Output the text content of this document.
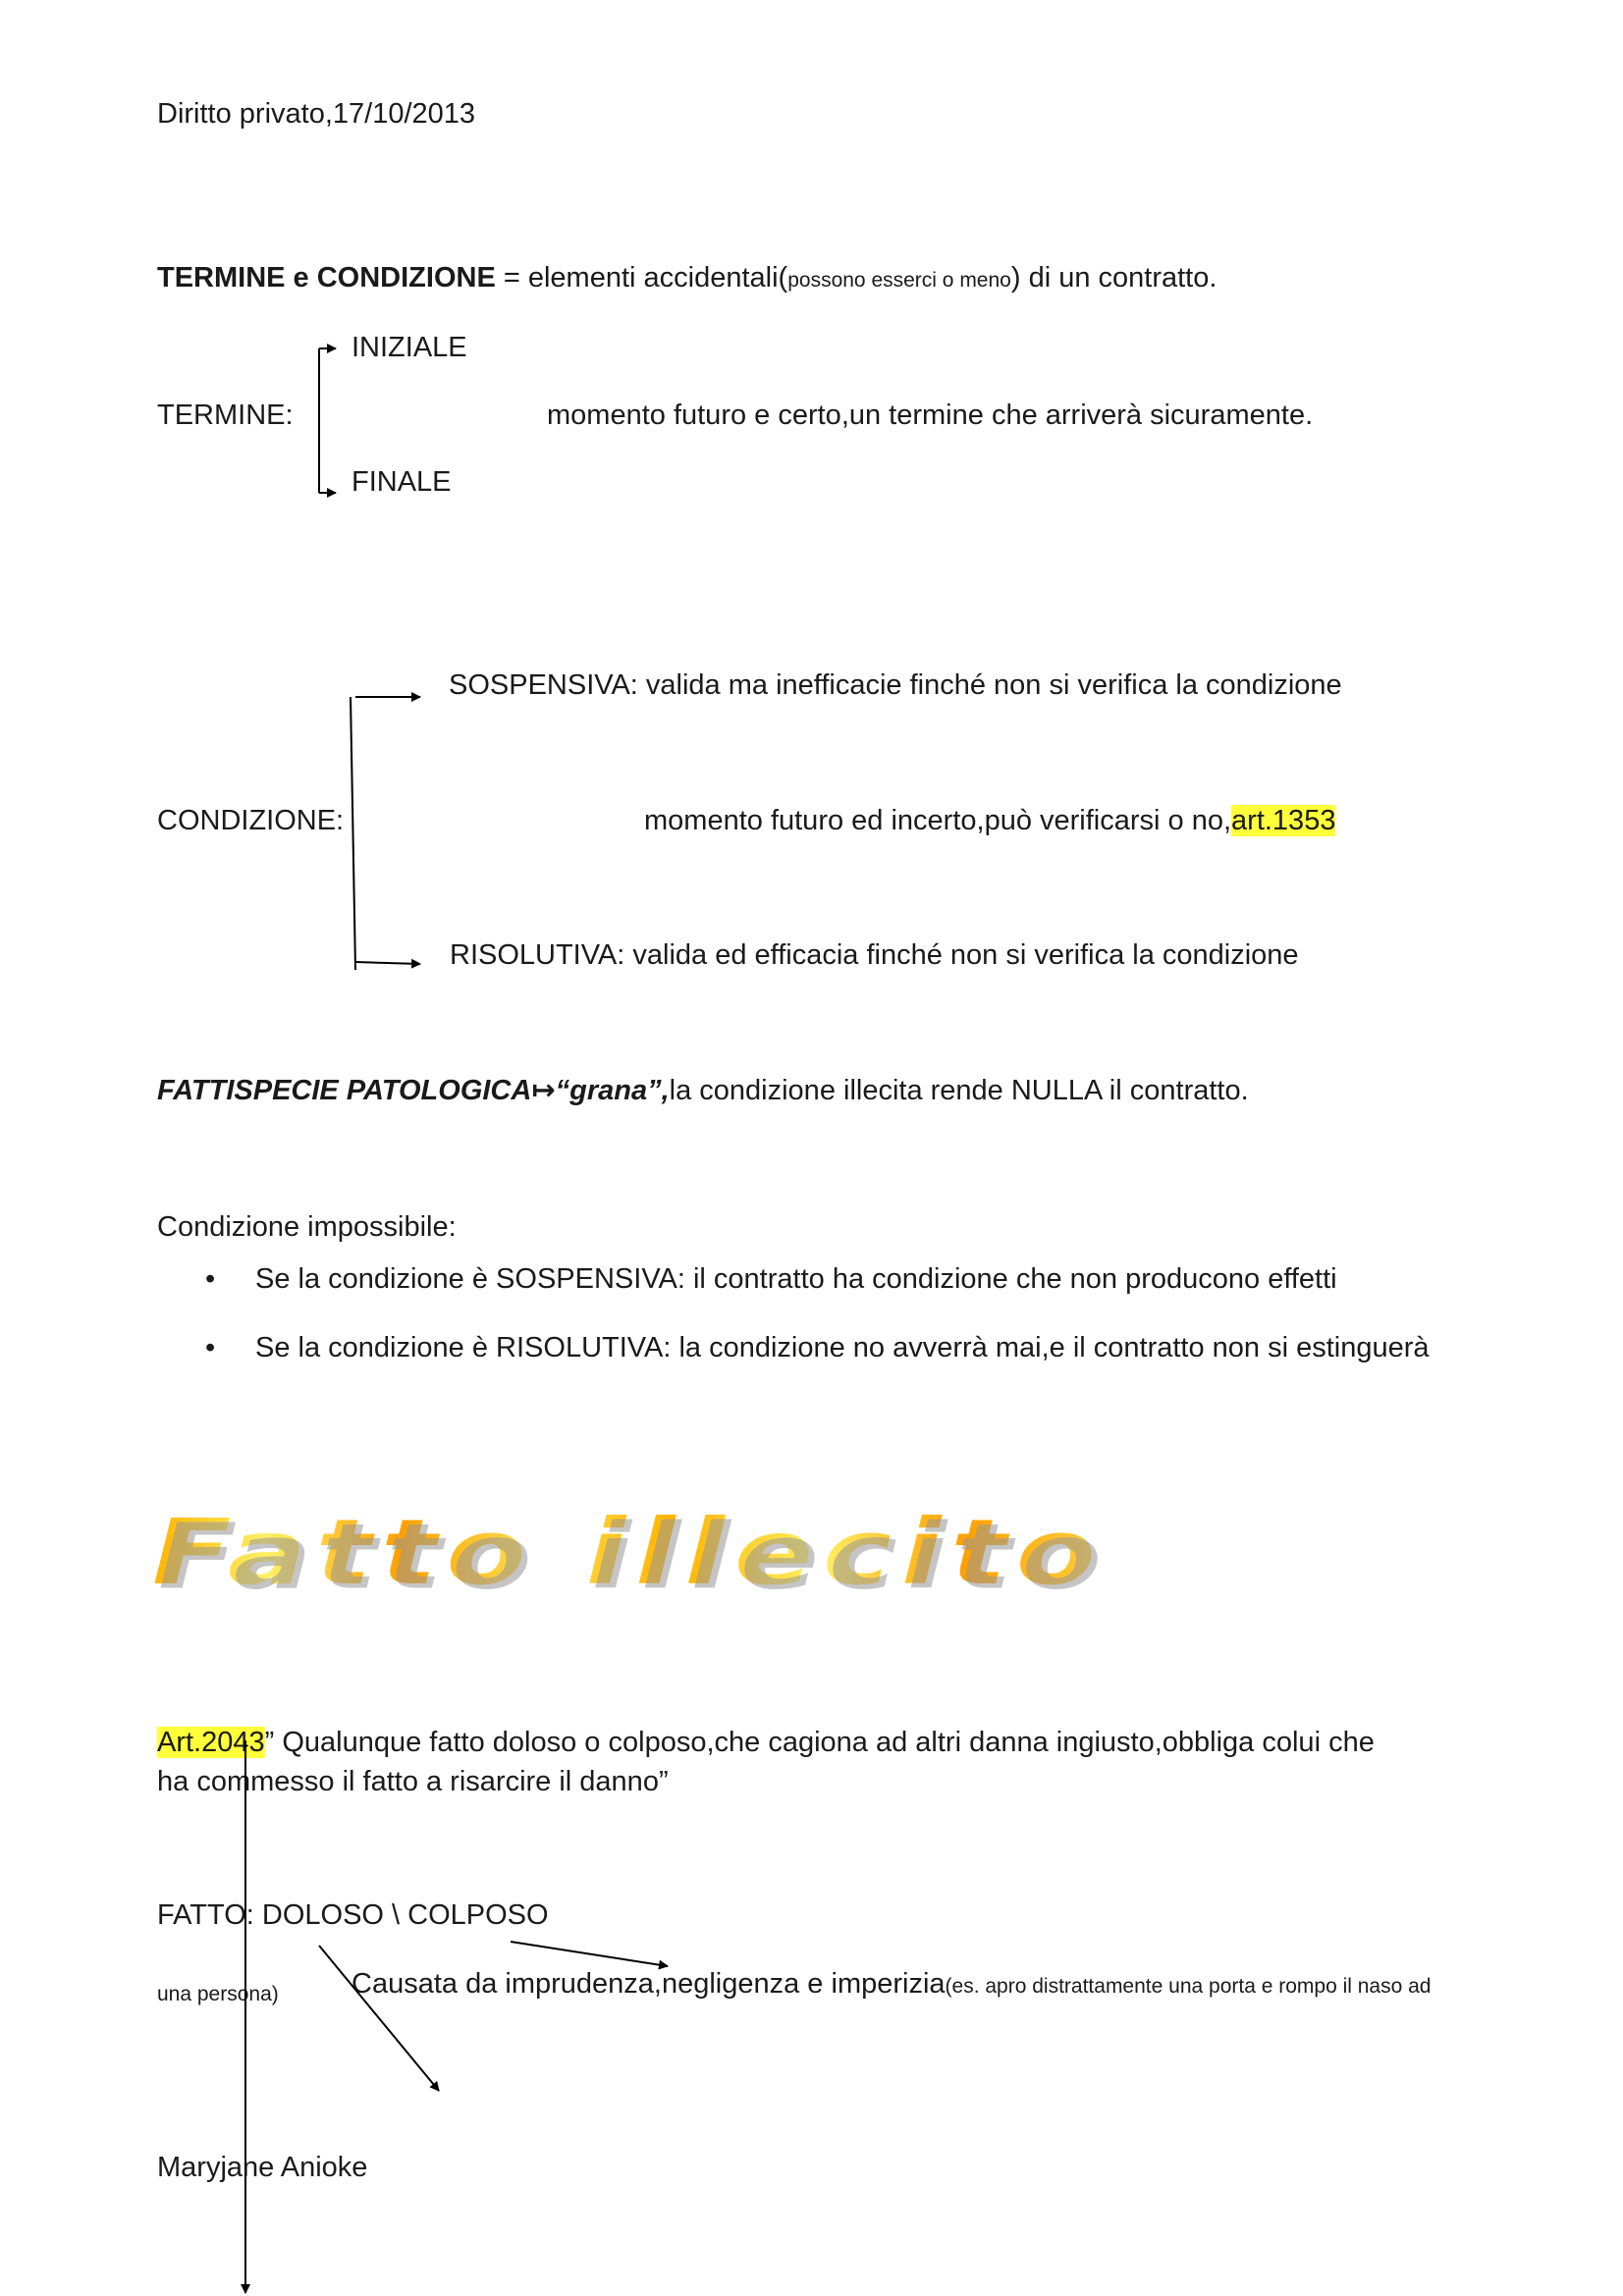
Diritto privato,17/10/2013
TERMINE e CONDIZIONE = elementi accidentali(possono esserci o meno) di un contratto.
INIZIALE
TERMINE:	momento futuro e certo,un termine che arriverà sicuramente.
FINALE
SOSPENSIVA: valida ma inefficacie finché non si verifica la condizione
CONDIZIONE:	momento futuro ed incerto,può verificarsi o no,art.1353
RISOLUTIVA: valida ed efficacia finché non si verifica la condizione
FATTISPECIE PATOLOGICA↦“grana”,la condizione illecita rende NULLA il contratto.
Condizione impossibile:
• Se la condizione è SOSPENSIVA: il contratto ha condizione che non producono effetti
• Se la condizione è RISOLUTIVA: la condizione no avverrà mai,e il contratto non si estinguerà
Fatto illecito
Art.2043” Qualunque fatto doloso o colposo,che cagiona ad altri danna ingiusto,obbliga colui che
ha commesso il fatto a risarcire il danno”
FATTO: DOLOSO \ COLPOSO
Causata da imprudenza,negligenza e imperizia(es. apro distrattamente una porta e rompo il naso ad
una persona)
Maryjane Anioke
